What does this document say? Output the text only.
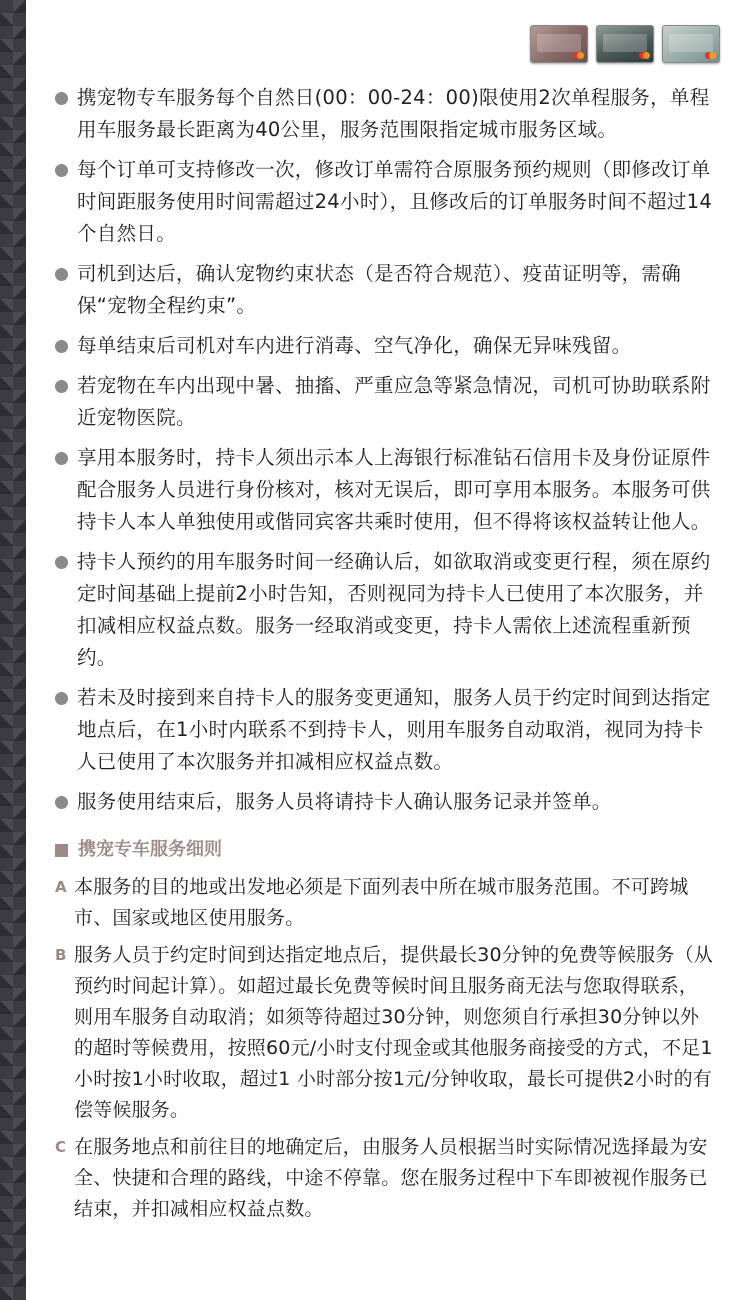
携宠物专车服务每个自然日(00：00-24：00)限使用2次单程服务，单程用车服务最长距离为40公里，服务范围限指定城市服务区域。
每个订单可支持修改一次，修改订单需符合原服务预约规则（即修改订单时间距服务使用时间需超过24小时），且修改后的订单服务时间不超过14个自然日。
司机到达后，确认宠物约束状态（是否符合规范）、疫苗证明等，需确保“宠物全程约束”。
每单结束后司机对车内进行消毒、空气净化，确保无异味残留。
若宠物在车内出现中暑、抽搐、严重应急等紧急情况，司机可协助联系附近宠物医院。
享用本服务时，持卡人须出示本人上海银行标准钻石信用卡及身份证原件配合服务人员进行身份核对，核对无误后，即可享用本服务。本服务可供持卡人本人单独使用或偕同宾客共乘时使用，但不得将该权益转让他人。
持卡人预约的用车服务时间一经确认后，如欲取消或变更行程，须在原约定时间基础上提前2小时告知，否则视同为持卡人已使用了本次服务，并扣减相应权益点数。服务一经取消或变更，持卡人需依上述流程重新预约。
若未及时接到来自持卡人的服务变更通知，服务人员于约定时间到达指定地点后，在1小时内联系不到持卡人，则用车服务自动取消，视同为持卡人已使用了本次服务并扣减相应权益点数。
服务使用结束后，服务人员将请持卡人确认服务记录并签单。
携宠专车服务细则
A 本服务的目的地或出发地必须是下面列表中所在城市服务范围。不可跨城市、国家或地区使用服务。
B 服务人员于约定时间到达指定地点后，提供最长30分钟的免费等候服务（从预约时间起计算）。如超过最长免费等候时间且服务商无法与您取得联系，则用车服务自动取消；如须等待超过30分钟，则您须自行承担30分钟以外的超时等候费用，按照60元/小时支付现金或其他服务商接受的方式，不足1小时按1小时收取，超过1 小时部分按1元/分钟收取，最长可提供2小时的有偿等候服务。
C 在服务地点和前往目的地确定后，由服务人员根据当时实际情况选择最为安全、快捷和合理的路线，中途不停靠。您在服务过程中下车即被视作服务已结束，并扣减相应权益点数。
